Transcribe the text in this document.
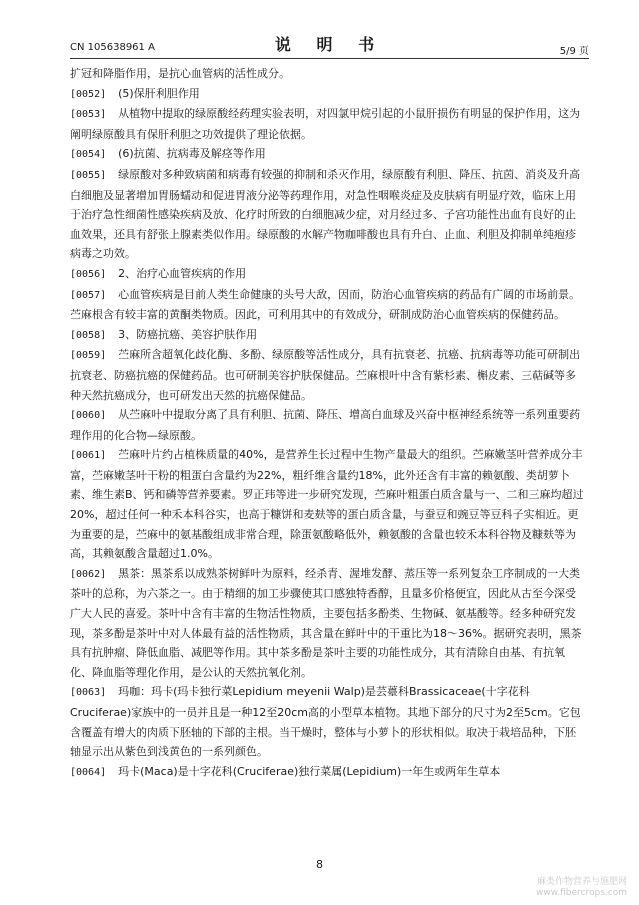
CN 105638961 A	说 明 书	5/9 页
扩冠和降脂作用，是抗心血管病的活性成分。
[0052] (5)保肝利胆作用
[0053] 从植物中提取的绿原酸经药理实验表明，对四氯甲烷引起的小鼠肝损伤有明显的保护作用，这为阐明绿原酸具有保肝利胆之功效提供了理论依据。
[0054] (6)抗菌、抗病毒及解痉等作用
[0055] 绿原酸对多种致病菌和病毒有较强的抑制和杀灭作用，绿原酸有利胆、降压、抗茵、消炎及升高白细胞及显著增加胃肠蠕动和促进胃液分泌等药理作用，对急性咽喉炎症及皮肤病有明显疗效，临床上用于治疗急性细菌性感染疾病及放、化疗时所致的白细胞减少症，对月经过多、子宫功能性出血有良好的止血效果，还具有舒张上腺素类似作用。绿原酸的水解产物咖啡酸也具有升白、止血、利胆及抑制单纯疱疹病毒之功效。
[0056] 2、治疗心血管疾病的作用
[0057] 心血管疾病是目前人类生命健康的头号大敌，因而，防治心血管疾病的药品有广阔的市场前景。苎麻根含有较丰富的黄酮类物质。因此，可利用其中的有效成分，研制成防治心血管疾病的保健药品。
[0058] 3、防癌抗癌、美容护肤作用
[0059] 苎麻所含超氧化歧化酶、多酚、绿原酸等活性成分，具有抗衰老、抗癌、抗病毒等功能可研制出抗衰老、防癌抗癌的保健药品。也可研制美容护肤保健品。苎麻根叶中含有紫杉素、槲皮素、三萜碱等多种天然抗癌成分，也可研发出天然的抗癌保健品。
[0060] 从苎麻叶中提取分离了具有利胆、抗菌、降压、增高白血球及兴奋中枢神经系统等一系列重要药理作用的化合物—绿原酸。
[0061] 苎麻叶片约占植株质量的40%，是营养生长过程中生物产量最大的组织。苎麻嫩茎叶营养成分丰富，苎麻嫩茎叶干粉的粗蛋白含量约为22%，粗纤维含量约18%，此外还含有丰富的赖氨酸、类胡萝卜素、维生素B、钙和磷等营养要素。罗正玮等进一步研究发现，苎麻叶粗蛋白质含量与一、二和三麻均超过20%，超过任何一种禾本科谷实，也高于糠饼和麦麸等的蛋白质含量，与蚕豆和豌豆等豆科子实相近。更为重要的是，苎麻中的氨基酸组成非常合理，除蛋氨酸略低外，赖氨酸的含量也较禾本科谷物及糠麸等为高，其赖氨酸含量超过1.0%。
[0062] 黑茶：黑茶系以成熟茶树鲜叶为原料，经杀青、渥堆发酵、蒸压等一系列复杂工序制成的一大类茶叶的总称，为六茶之一。由于精细的加工步骤使其口感独特香醇，且量多价格便宜，因此从古至今深受广大人民的喜爱。茶叶中含有丰富的生物活性物质，主要包括多酚类、生物碱、氨基酸等。经多种研究发现，茶多酚是茶叶中对人体最有益的活性物质，其含量在鲜叶中的干重比为18～36%。据研究表明，黑茶具有抗肿瘤、降低血脂、减肥等作用。其中茶多酚是茶叶主要的功能性成分，其有清除自由基、有抗氧化、降血脂等理化作用，是公认的天然抗氧化剂。
[0063] 玛咖：玛卡(玛卡独行菜Lepidium meyenii Walp)是芸薹科Brassicaceae(十字花科Cruciferae)家族中的一员并且是一种12至20cm高的小型草本植物。其地下部分的尺寸为2至5cm。它包含覆盖有增大的肉质下胚轴的下部的主根。当干燥时，整体与小萝卜的形状相似。取决于栽培品种，下胚轴显示出从紫色到浅黄色的一系列颜色。
[0064] 玛卡(Maca)是十字花科(Cruciferae)独行菜属(Lepidium)一年生或两年生草本
8
麻类作物营养与施肥网
www.fibercrops.com
